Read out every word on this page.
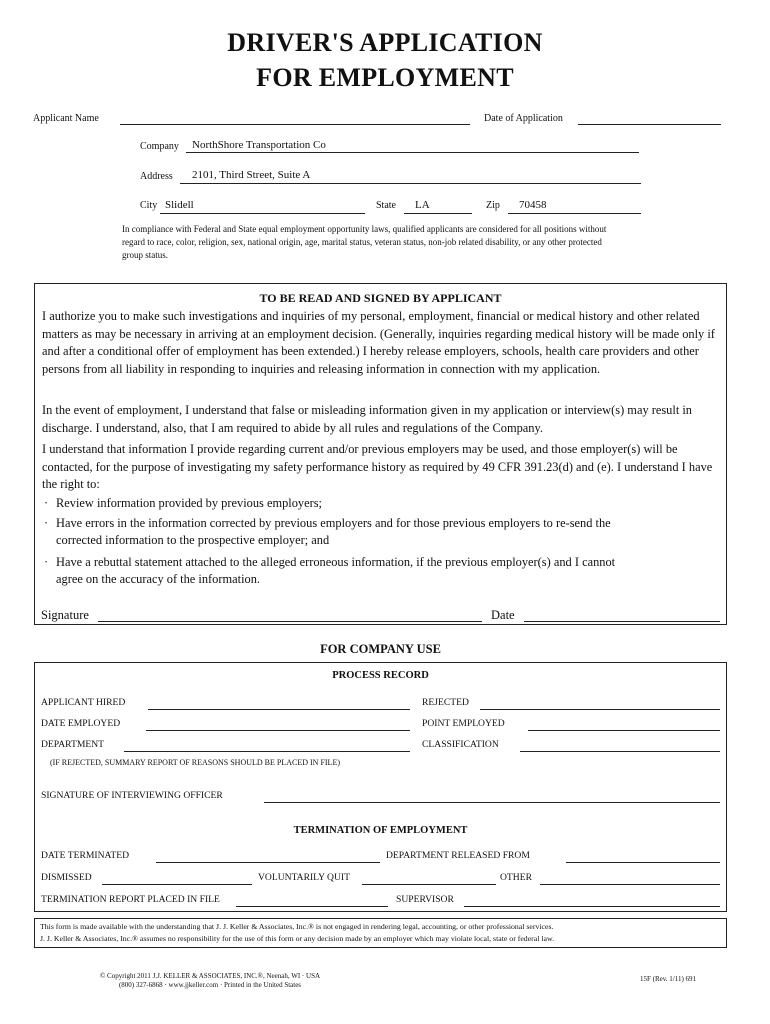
DRIVER'S APPLICATION
FOR EMPLOYMENT
Applicant Name	Date of Application
Company NorthShore Transportation Co
Address 2101, Third Street, Suite A
City Slidell	State LA	Zip 70458
In compliance with Federal and State equal employment opportunity laws, qualified applicants are considered for all positions without regard to race, color, religion, sex, national origin, age, marital status, veteran status, non-job related disability, or any other protected group status.
TO BE READ AND SIGNED BY APPLICANT
I authorize you to make such investigations and inquiries of my personal, employment, financial or medical history and other related matters as may be necessary in arriving at an employment decision. (Generally, inquiries regarding medical history will be made only if and after a conditional offer of employment has been extended.) I hereby release employers, schools, health care providers and other persons from all liability in responding to inquiries and releasing information in connection with my application.
In the event of employment, I understand that false or misleading information given in my application or interview(s) may result in discharge. I understand, also, that I am required to abide by all rules and regulations of the Company.
I understand that information I provide regarding current and/or previous employers may be used, and those employer(s) will be contacted, for the purpose of investigating my safety performance history as required by 49 CFR 391.23(d) and (e). I understand I have the right to:
· Review information provided by previous employers;
· Have errors in the information corrected by previous employers and for those previous employers to re-send the corrected information to the prospective employer; and
· Have a rebuttal statement attached to the alleged erroneous information, if the previous employer(s) and I cannot agree on the accuracy of the information.
Signature	Date
FOR COMPANY USE
PROCESS RECORD
APPLICANT HIRED	REJECTED
DATE EMPLOYED	POINT EMPLOYED
DEPARTMENT	CLASSIFICATION
(IF REJECTED, SUMMARY REPORT OF REASONS SHOULD BE PLACED IN FILE)
SIGNATURE OF INTERVIEWING OFFICER
TERMINATION OF EMPLOYMENT
DATE TERMINATED	DEPARTMENT RELEASED FROM
DISMISSED	VOLUNTARILY QUIT	OTHER
TERMINATION REPORT PLACED IN FILE	SUPERVISOR
This form is made available with the understanding that J. J. Keller & Associates, Inc.® is not engaged in rendering legal, accounting, or other professional services.
J. J. Keller & Associates, Inc.® assumes no responsibility for the use of this form or any decision made by an employer which may violate local, state or federal law.
© Copyright 2011 J.J. KELLER & ASSOCIATES, INC.®, Neenah, WI · USA
(800) 327-6868 · www.jjkeller.com · Printed in the United States
15F (Rev. 1/11) 691
